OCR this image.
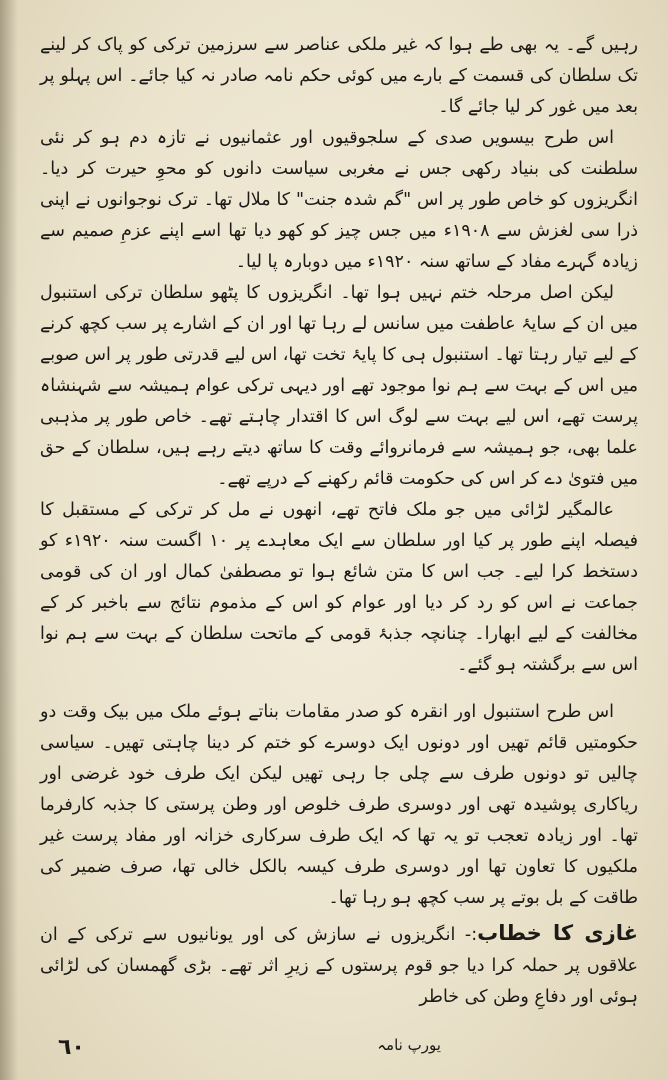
رہیں گے۔ یہ بھی طے ہوا کہ غیر ملکی عناصر سے سرزمین ترکی کو پاک کر لینے تک سلطان کی قسمت کے بارے میں کوئی حکم نامہ صادر نہ کیا جائے۔ اس پہلو پر بعد میں غور کر لیا جائے گا۔

اس طرح بیسویں صدی کے سلجوقیوں اور عثمانیوں نے تازہ دم ہو کر نئی سلطنت کی بنیاد رکھی جس نے مغربی سیاست دانوں کو محوِ حیرت کر دیا۔ انگریزوں کو خاص طور پر اس "گم شدہ جنت" کا ملال تھا۔ ترک نوجوانوں نے اپنی ذرا سی لغزش سے ۱۹۰۸ء میں جس چیز کو کھو دیا تھا اسے اپنے عزمِ صمیم سے زیادہ گہرے مفاد کے ساتھ سنہ ۱۹۲۰ء میں دوبارہ پا لیا۔

لیکن اصل مرحلہ ختم نہیں ہوا تھا۔ انگریزوں کا پٹھو سلطان ترکی استنبول میں ان کے سایۂ عاطفت میں سانس لے رہا تھا اور ان کے اشارے پر سب کچھ کرنے کے لیے تیار رہتا تھا۔ استنبول ہی کا پایۂ تخت تھا، اس لیے قدرتی طور پر اس صوبے میں اس کے بہت سے ہم نوا موجود تھے اور دیہی ترکی عوام ہمیشہ سے شہنشاہ پرست تھے، اس لیے بہت سے لوگ اس کا اقتدار چاہتے تھے۔ خاص طور پر مذہبی علما بھی، جو ہمیشہ سے فرمانروائے وقت کا ساتھ دیتے رہے ہیں، سلطان کے حق میں فتویٰ دے کر اس کی حکومت قائم رکھنے کے درپے تھے۔

عالمگیر لڑائی میں جو ملک فاتح تھے، انھوں نے مل کر ترکی کے مستقبل کا فیصلہ اپنے طور پر کیا اور سلطان سے ایک معاہدے پر ۱۰ اگست سنہ ۱۹۲۰ء کو دستخط کرا لیے۔ جب اس کا متن شائع ہوا تو مصطفیٰ کمال اور ان کی قومی جماعت نے اس کو رد کر دیا اور عوام کو اس کے مذموم نتائج سے باخبر کر کے مخالفت کے لیے ابھارا۔ چنانچہ جذبۂ قومی کے ماتحت سلطان کے بہت سے ہم نوا اس سے برگشتہ ہو گئے۔

اس طرح استنبول اور انقرہ کو صدر مقامات بناتے ہوئے ملک میں بیک وقت دو حکومتیں قائم تھیں اور دونوں ایک دوسرے کو ختم کر دینا چاہتی تھیں۔ سیاسی چالیں تو دونوں طرف سے چلی جا رہی تھیں لیکن ایک طرف خود غرضی اور ریاکاری پوشیدہ تھی اور دوسری طرف خلوص اور وطن پرستی کا جذبہ کارفرما تھا۔ اور زیادہ تعجب تو یہ تھا کہ ایک طرف سرکاری خزانہ اور مفاد پرست غیر ملکیوں کا تعاون تھا اور دوسری طرف کیسہ بالکل خالی تھا، صرف ضمیر کی طاقت کے بل بوتے پر سب کچھ ہو رہا تھا۔

غازی کا خطاب:- انگریزوں نے سازش کی اور یونانیوں سے ترکی کے ان علاقوں پر حملہ کرا دیا جو قوم پرستوں کے زیرِ اثر تھے۔ بڑی گھمسان کی لڑائی ہوئی اور دفاعِ وطن کی خاطر

٦٠	یورپ نامہ
